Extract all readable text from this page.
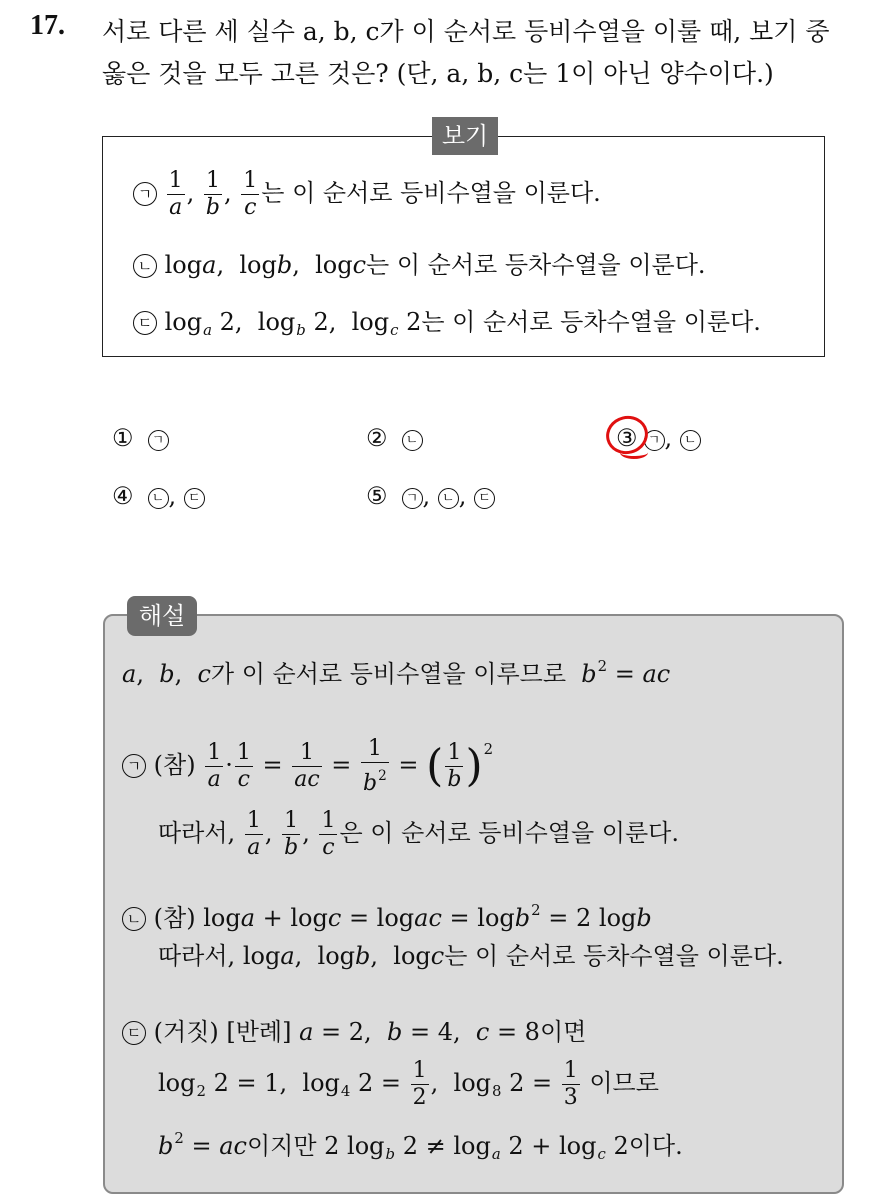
17. 서로 다른 세 실수 a, b, c가 이 순서로 등비수열을 이룰 때, 보기 중
옳은 것을 모두 고른 것은? (단, a, b, c는 1이 아닌 양수이다.)
보기
ㄱ $\frac{1}{a}$ , $\frac{1}{b}$ , $\frac{1}{c}$ 는 이 순서로 등비수열을 이룬다.
ㄴ loga,  logb,  logc는 이 순서로 등차수열을 이룬다.
ㄷ $\log_a 2$,  $\log_b 2$,  $\log_c 2$는 이 순서로 등차수열을 이룬다.
① ㄱ	② ㄴ	③ ㄱ , ㄴ
④ ㄴ , ㄷ	⑤ ㄱ , ㄴ , ㄷ
해설
a,  b,  c가 이 순서로 등비수열을 이루므로 $b^2$ = ac
ㄱ (참) $\frac{1}{a} \cdot \frac{1}{c} = \frac{1}{ac} = \frac{1}{b^2}$ = ( $\frac{1}{b} )^2$
따라서, $\frac{1}{a}$ , $\frac{1}{b}$ , $\frac{1}{c}$ 은 이 순서로 등비수열을 이룬다.
ㄴ (참) loga + logc = logac = logb$^2$ = 2 logb
따라서, loga,  logb,  logc는 이 순서로 등차수열을 이룬다.
ㄷ (거짓) [반례] a = 2,  b = 4,  c = 8이면
$\log_2 2 = 1$,  $\log_4 2 = \frac{1}{2}$ ,  $\log_8 2 = \frac{1}{3}$ 이므로
$b^2$ = ac이지만 2 $\log_b 2 \ne \log_a 2 + \log_c 2$이다.
